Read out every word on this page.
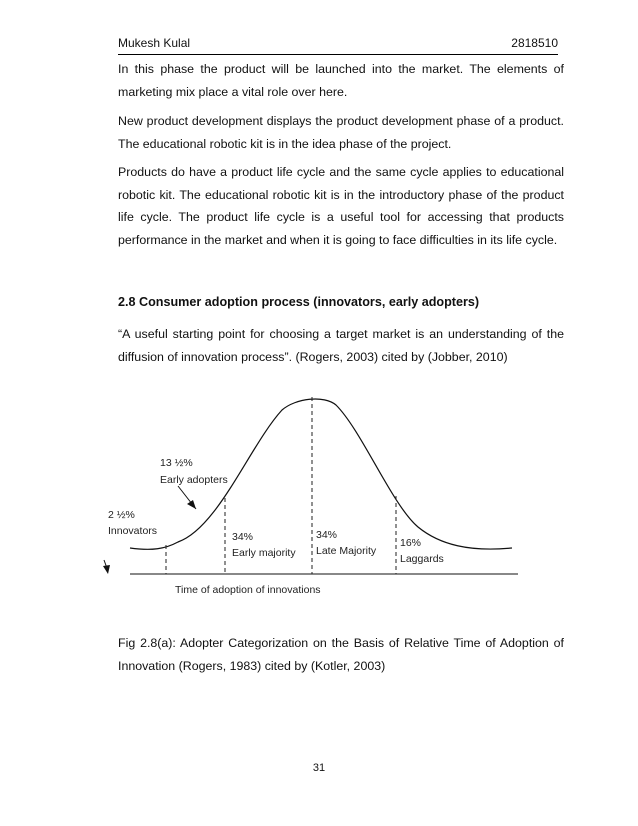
Mukesh Kulal	2818510

In this phase the product will be launched into the market. The elements of marketing mix place a vital role over here.

New product development displays the product development phase of a product. The educational robotic kit is in the idea phase of the project.

Products do have a product life cycle and the same cycle applies to educational robotic kit. The educational robotic kit is in the introductory phase of the product life cycle. The product life cycle is a useful tool for accessing that products performance in the market and when it is going to face difficulties in its life cycle.

2.8 Consumer adoption process (innovators, early adopters)

“A useful starting point for choosing a target market is an understanding of the diffusion of innovation process”. (Rogers, 2003) cited by (Jobber, 2010)

13 ½%
Early adopters
2 ½%
Innovators	34%
Early majority
34%
Late Majority
16%
Laggards
Time of adoption of innovations

Fig 2.8(a): Adopter Categorization on the Basis of Relative Time of Adoption of Innovation (Rogers, 1983) cited by (Kotler, 2003)

31
